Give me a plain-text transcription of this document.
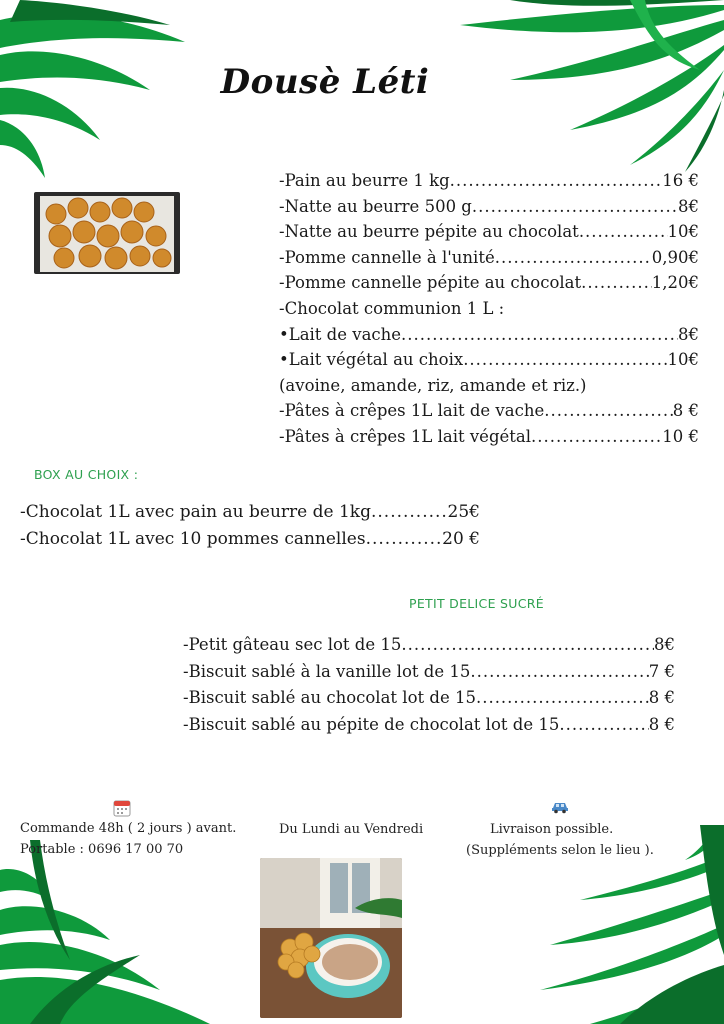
Dousè Léti
-Pain au beurre 1 kg .....	16 €
-Natte au beurre 500 g .....	8€
-Natte au beurre pépite au chocolat .....	10€
-Pomme cannelle à l'unité .....	0,90€
-Pomme cannelle pépite au chocolat .....	1,20€
-Chocolat communion 1 L :
•Lait de vache .....	8€
•Lait végétal au choix .....	10€
(avoine, amande, riz, amande et riz.)
-Pâtes à crêpes 1L lait de vache .....	8 €
-Pâtes à crêpes 1L lait végétal .....	10 €
BOX AU CHOIX :
-Chocolat 1L avec pain au beurre de 1kg .....	25€
-Chocolat 1L avec 10 pommes cannelles .....	20 €
PETIT DELICE SUCRÉ
-Petit gâteau sec lot de 15 .....	8€
-Biscuit sablé à la vanille lot de 15 .....	7 €
-Biscuit sablé au chocolat lot de 15 .....	8 €
-Biscuit sablé au pépite de chocolat lot de 15 .....	8 €
Commande 48h ( 2 jours ) avant.
Portable : 0696 17 00 70
Du Lundi au Vendredi	Livraison possible.
(Suppléments selon le lieu ).
